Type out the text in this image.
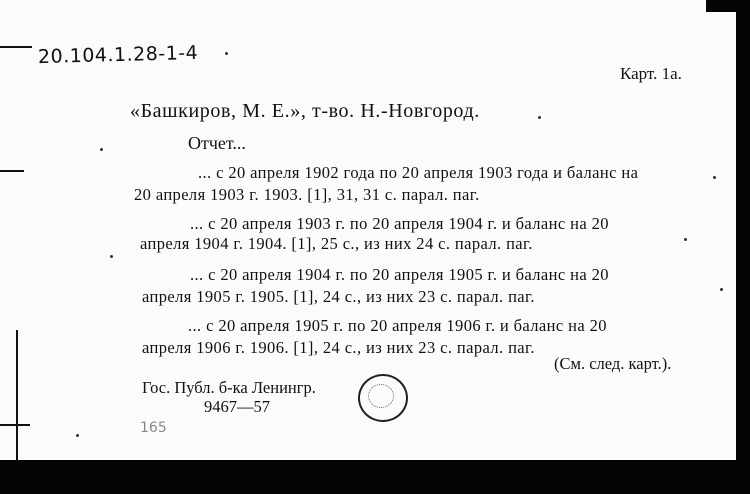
20.104.1.28-1-4
Карт. 1а.
«Башкиров, М. Е.», т-во. Н.-Новгород.
Отчет...
... с 20 апреля 1902 года по 20 апреля 1903 года и баланс на
20 апреля 1903 г. 1903. [1], 31, 31 с. парал. паг.
... с 20 апреля 1903 г. по 20 апреля 1904 г. и баланс на 20
апреля 1904 г. 1904. [1], 25 с., из них 24 с. парал. паг.
... с 20 апреля 1904 г. по 20 апреля 1905 г. и баланс на 20
апреля 1905 г. 1905. [1], 24 с., из них 23 с. парал. паг.
... с 20 апреля 1905 г. по 20 апреля 1906 г. и баланс на 20
апреля 1906 г. 1906. [1], 24 с., из них 23 с. парал. паг.
(См. след. карт.).
Гос. Публ. б-ка Ленингр.
9467—57
165
